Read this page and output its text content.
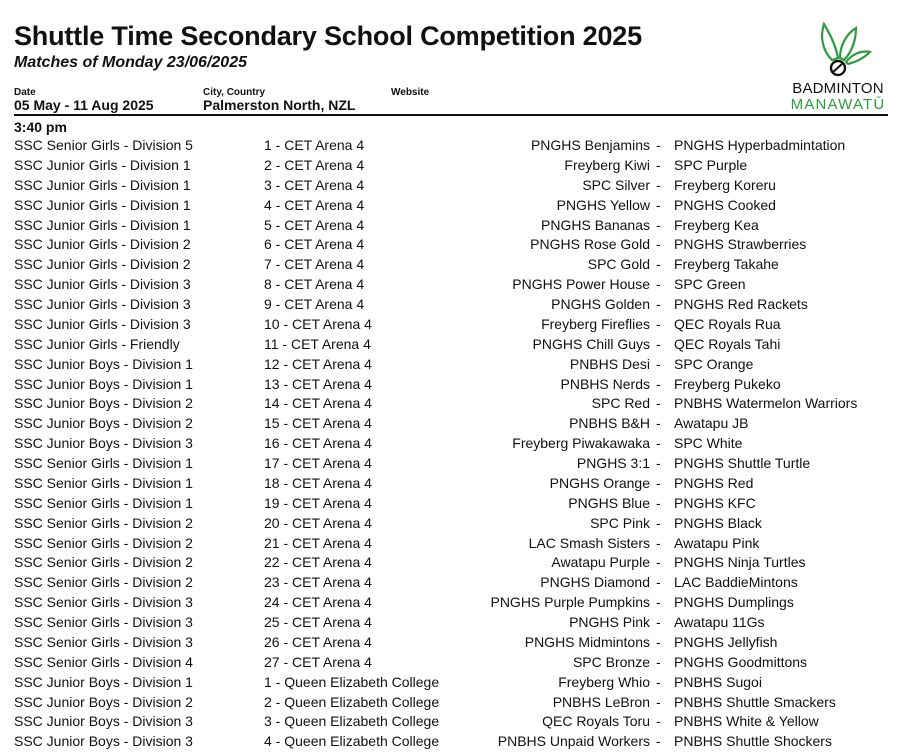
Shuttle Time Secondary School Competition 2025
Matches of Monday 23/06/2025
Date
05 May - 11 Aug 2025
City, Country
Palmerston North, NZL
Website	BADMINTON
MANAWATŪ
3:40 pm
SSC Senior Girls - Division 5	1 - CET Arena 4	PNGHS Benjamins - PNGHS Hyperbadmintation
SSC Junior Girls - Division 1	2 - CET Arena 4	Freyberg Kiwi - SPC Purple
SSC Junior Girls - Division 1	3 - CET Arena 4	SPC Silver - Freyberg Koreru
SSC Junior Girls - Division 1	4 - CET Arena 4	PNGHS Yellow - PNGHS Cooked
SSC Junior Girls - Division 1	5 - CET Arena 4	PNGHS Bananas - Freyberg Kea
SSC Junior Girls - Division 2	6 - CET Arena 4	PNGHS Rose Gold - PNGHS Strawberries
SSC Junior Girls - Division 2	7 - CET Arena 4	SPC Gold - Freyberg Takahe
SSC Junior Girls - Division 3	8 - CET Arena 4	PNGHS Power House - SPC Green
SSC Junior Girls - Division 3	9 - CET Arena 4	PNGHS Golden - PNGHS Red Rackets
SSC Junior Girls - Division 3	10 - CET Arena 4	Freyberg Fireflies - QEC Royals Rua
SSC Junior Girls - Friendly	11 - CET Arena 4	PNGHS Chill Guys - QEC Royals Tahi
SSC Junior Boys - Division 1	12 - CET Arena 4	PNBHS Desi - SPC Orange
SSC Junior Boys - Division 1	13 - CET Arena 4	PNBHS Nerds - Freyberg Pukeko
SSC Junior Boys - Division 2	14 - CET Arena 4	SPC Red - PNBHS Watermelon Warriors
SSC Junior Boys - Division 2	15 - CET Arena 4	PNBHS B&H - Awatapu JB
SSC Junior Boys - Division 3	16 - CET Arena 4	Freyberg Piwakawaka - SPC White
SSC Senior Girls - Division 1	17 - CET Arena 4	PNGHS 3:1 - PNGHS Shuttle Turtle
SSC Senior Girls - Division 1	18 - CET Arena 4	PNGHS Orange - PNGHS Red
SSC Senior Girls - Division 1	19 - CET Arena 4	PNGHS Blue - PNGHS KFC
SSC Senior Girls - Division 2	20 - CET Arena 4	SPC Pink - PNGHS Black
SSC Senior Girls - Division 2	21 - CET Arena 4	LAC Smash Sisters - Awatapu Pink
SSC Senior Girls - Division 2	22 - CET Arena 4	Awatapu Purple - PNGHS Ninja Turtles
SSC Senior Girls - Division 2	23 - CET Arena 4	PNGHS Diamond - LAC BaddieMintons
SSC Senior Girls - Division 3	24 - CET Arena 4	PNGHS Purple Pumpkins - PNGHS Dumplings
SSC Senior Girls - Division 3	25 - CET Arena 4	PNGHS Pink - Awatapu 11Gs
SSC Senior Girls - Division 3	26 - CET Arena 4	PNGHS Midmintons - PNGHS Jellyfish
SSC Senior Girls - Division 4	27 - CET Arena 4	SPC Bronze - PNGHS Goodmittons
SSC Junior Boys - Division 1	1 - Queen Elizabeth College	Freyberg Whio - PNBHS Sugoi
SSC Junior Boys - Division 2	2 - Queen Elizabeth College	PNBHS LeBron - PNBHS Shuttle Smackers
SSC Junior Boys - Division 3	3 - Queen Elizabeth College	QEC Royals Toru - PNBHS White & Yellow
SSC Junior Boys - Division 3	4 - Queen Elizabeth College	PNBHS Unpaid Workers - PNBHS Shuttle Shockers
